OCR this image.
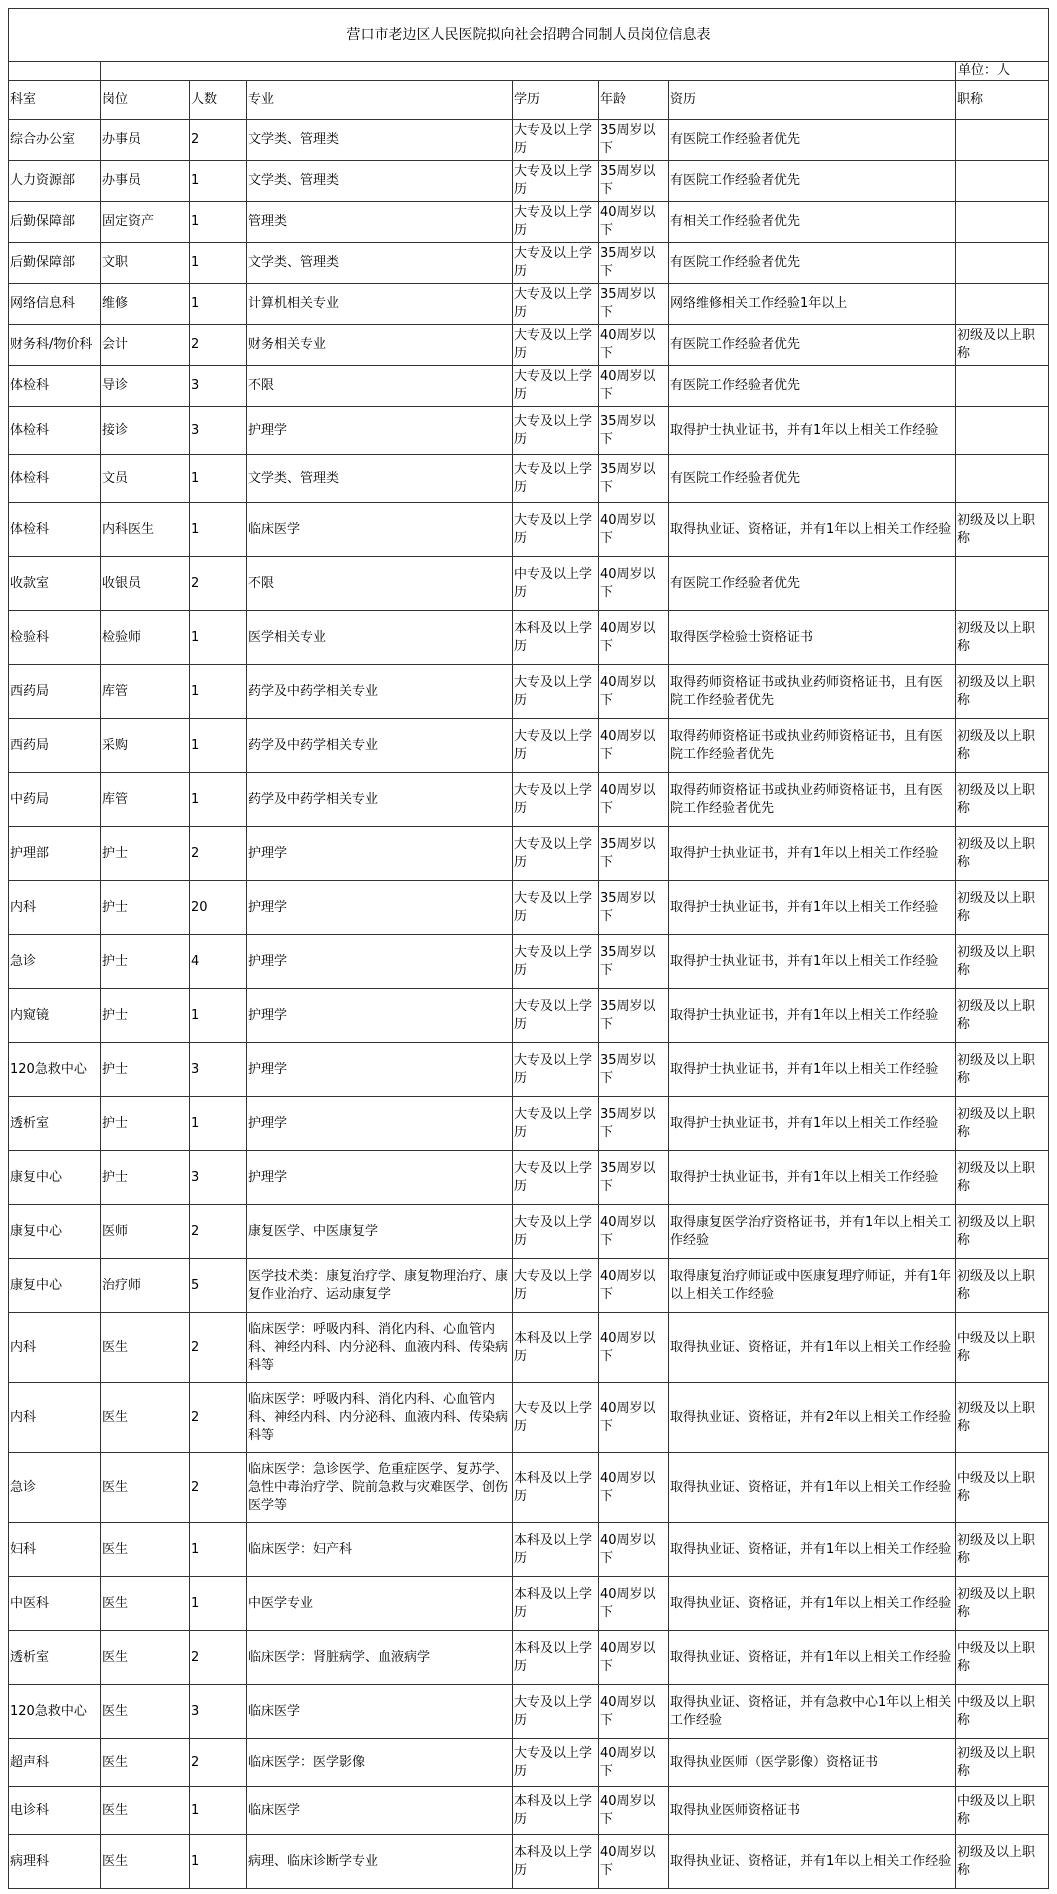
营口市老边区人民医院拟向社会招聘合同制人员岗位信息表							
							单位：人
科室	岗位	人数	专业	学历	年龄	资历	职称
综合办公室	办事员	2	文学类、管理类	大专及以上学历	35周岁以下	有医院工作经验者优先	
人力资源部	办事员	1	文学类、管理类	大专及以上学历	35周岁以下	有医院工作经验者优先	
后勤保障部	固定资产	1	管理类	大专及以上学历	40周岁以下	有相关工作经验者优先	
后勤保障部	文职	1	文学类、管理类	大专及以上学历	35周岁以下	有医院工作经验者优先	
网络信息科	维修	1	计算机相关专业	大专及以上学历	35周岁以下	网络维修相关工作经验1年以上	
财务科/物价科	会计	2	财务相关专业	大专及以上学历	40周岁以下	有医院工作经验者优先	初级及以上职称
体检科	导诊	3	不限	大专及以上学历	40周岁以下	有医院工作经验者优先	
体检科	接诊	3	护理学	大专及以上学历	35周岁以下	取得护士执业证书，并有1年以上相关工作经验	
体检科	文员	1	文学类、管理类	大专及以上学历	35周岁以下	有医院工作经验者优先	
体检科	内科医生	1	临床医学	大专及以上学历	40周岁以下	取得执业证、资格证，并有1年以上相关工作经验	初级及以上职称
收款室	收银员	2	不限	中专及以上学历	40周岁以下	有医院工作经验者优先	
检验科	检验师	1	医学相关专业	本科及以上学历	40周岁以下	取得医学检验士资格证书	初级及以上职称
西药局	库管	1	药学及中药学相关专业	大专及以上学历	40周岁以下	取得药师资格证书或执业药师资格证书，且有医院工作经验者优先	初级及以上职称
西药局	采购	1	药学及中药学相关专业	大专及以上学历	40周岁以下	取得药师资格证书或执业药师资格证书，且有医院工作经验者优先	初级及以上职称
中药局	库管	1	药学及中药学相关专业	大专及以上学历	40周岁以下	取得药师资格证书或执业药师资格证书，且有医院工作经验者优先	初级及以上职称
护理部	护士	2	护理学	大专及以上学历	35周岁以下	取得护士执业证书，并有1年以上相关工作经验	初级及以上职称
内科	护士	20	护理学	大专及以上学历	35周岁以下	取得护士执业证书，并有1年以上相关工作经验	初级及以上职称
急诊	护士	4	护理学	大专及以上学历	35周岁以下	取得护士执业证书，并有1年以上相关工作经验	初级及以上职称
内窥镜	护士	1	护理学	大专及以上学历	35周岁以下	取得护士执业证书，并有1年以上相关工作经验	初级及以上职称
120急救中心	护士	3	护理学	大专及以上学历	35周岁以下	取得护士执业证书，并有1年以上相关工作经验	初级及以上职称
透析室	护士	1	护理学	大专及以上学历	35周岁以下	取得护士执业证书，并有1年以上相关工作经验	初级及以上职称
康复中心	护士	3	护理学	大专及以上学历	35周岁以下	取得护士执业证书，并有1年以上相关工作经验	初级及以上职称
康复中心	医师	2	康复医学、中医康复学	大专及以上学历	40周岁以下	取得康复医学治疗资格证书，并有1年以上相关工作经验	初级及以上职称
康复中心	治疗师	5	医学技术类：康复治疗学、康复物理治疗、康复作业治疗、运动康复学	大专及以上学历	40周岁以下	取得康复治疗师证或中医康复理疗师证，并有1年以上相关工作经验	初级及以上职称
内科	医生	2	临床医学：呼吸内科、消化内科、心血管内科、神经内科、内分泌科、血液内科、传染病科等	本科及以上学历	40周岁以下	取得执业证、资格证，并有1年以上相关工作经验	中级及以上职称
内科	医生	2	临床医学：呼吸内科、消化内科、心血管内科、神经内科、内分泌科、血液内科、传染病科等	大专及以上学历	40周岁以下	取得执业证、资格证，并有2年以上相关工作经验	初级及以上职称
急诊	医生	2	临床医学：急诊医学、危重症医学、复苏学、急性中毒治疗学、院前急救与灾难医学、创伤医学等	本科及以上学历	40周岁以下	取得执业证、资格证，并有1年以上相关工作经验	中级及以上职称
妇科	医生	1	临床医学：妇产科	本科及以上学历	40周岁以下	取得执业证、资格证，并有1年以上相关工作经验	初级及以上职称
中医科	医生	1	中医学专业	本科及以上学历	40周岁以下	取得执业证、资格证，并有1年以上相关工作经验	初级及以上职称
透析室	医生	2	临床医学：肾脏病学、血液病学	本科及以上学历	40周岁以下	取得执业证、资格证，并有1年以上相关工作经验	中级及以上职称
120急救中心	医生	3	临床医学	大专及以上学历	40周岁以下	取得执业证、资格证，并有急救中心1年以上相关工作经验	中级及以上职称
超声科	医生	2	临床医学：医学影像	大专及以上学历	40周岁以下	取得执业医师（医学影像）资格证书	初级及以上职称
电诊科	医生	1	临床医学	本科及以上学历	40周岁以下	取得执业医师资格证书	中级及以上职称
病理科	医生	1	病理、临床诊断学专业	本科及以上学历	40周岁以下	取得执业证、资格证，并有1年以上相关工作经验	初级及以上职称
